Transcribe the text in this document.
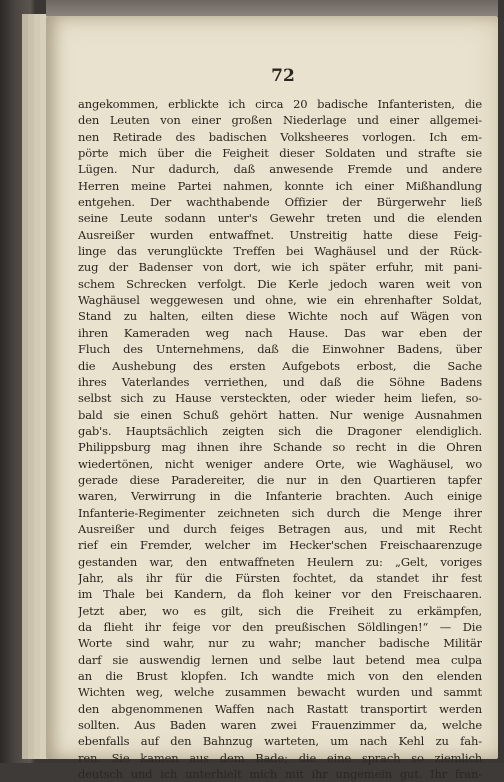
72
angekommen, erblickte ich circa 20 badische Infanteristen, die
den Leuten von einer großen Niederlage und einer allgemei-
nen Retirade des badischen Volksheeres vorlogen. Ich em-
pörte mich über die Feigheit dieser Soldaten und strafte sie
Lügen. Nur dadurch, daß anwesende Fremde und andere
Herren meine Partei nahmen, konnte ich einer Mißhandlung
entgehen. Der wachthabende Offizier der Bürgerwehr ließ
seine Leute sodann unter's Gewehr treten und die elenden
Ausreißer wurden entwaffnet. Unstreitig hatte diese Feig-
linge das verunglückte Treffen bei Waghäusel und der Rück-
zug der Badenser von dort, wie ich später erfuhr, mit pani-
schem Schrecken verfolgt. Die Kerle jedoch waren weit von
Waghäusel weggewesen und ohne, wie ein ehrenhafter Soldat,
Stand zu halten, eilten diese Wichte noch auf Wägen von
ihren Kameraden weg nach Hause. Das war eben der
Fluch des Unternehmens, daß die Einwohner Badens, über
die Aushebung des ersten Aufgebots erbost, die Sache
ihres Vaterlandes verriethen, und daß die Söhne Badens
selbst sich zu Hause versteckten, oder wieder heim liefen, so-
bald sie einen Schuß gehört hatten. Nur wenige Ausnahmen
gab's. Hauptsächlich zeigten sich die Dragoner elendiglich.
Philippsburg mag ihnen ihre Schande so recht in die Ohren
wiedertönen, nicht weniger andere Orte, wie Waghäusel, wo
gerade diese Paradereiter, die nur in den Quartieren tapfer
waren, Verwirrung in die Infanterie brachten. Auch einige
Infanterie-Regimenter zeichneten sich durch die Menge ihrer
Ausreißer und durch feiges Betragen aus, und mit Recht
rief ein Fremder, welcher im Hecker'schen Freischaarenzuge
gestanden war, den entwaffneten Heulern zu: „Gelt, voriges
Jahr, als ihr für die Fürsten fochtet, da standet ihr fest
im Thale bei Kandern, da floh keiner vor den Freischaaren.
Jetzt aber, wo es gilt, sich die Freiheit zu erkämpfen,
da flieht ihr feige vor den preußischen Söldlingen!“ — Die
Worte sind wahr, nur zu wahr; mancher badische Militär
darf sie auswendig lernen und selbe laut betend mea culpa
an die Brust klopfen. Ich wandte mich von den elenden
Wichten weg, welche zusammen bewacht wurden und sammt
den abgenommenen Waffen nach Rastatt transportirt werden
sollten. Aus Baden waren zwei Frauenzimmer da, welche
ebenfalls auf den Bahnzug warteten, um nach Kehl zu fah-
ren. Sie kamen aus dem Bade; die eine sprach so ziemlich
deutsch und ich unterhielt mich mit ihr ungemein gut. Ihr fran-
